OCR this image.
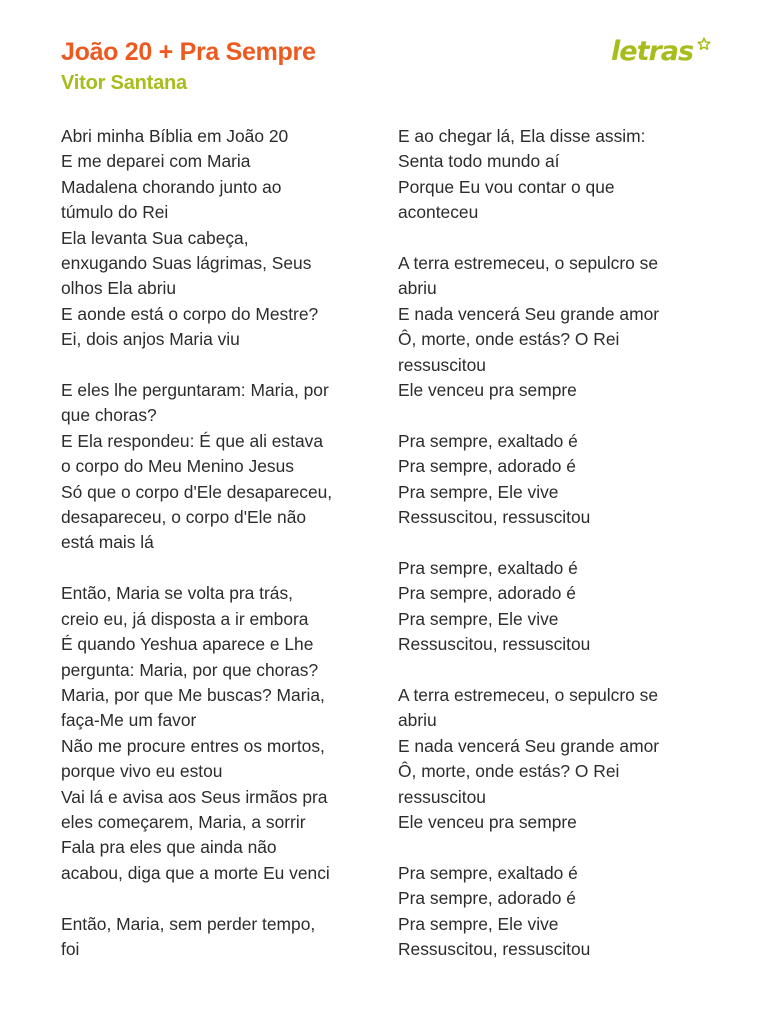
João 20 + Pra Sempre
Vitor Santana
letras
Abri minha Bíblia em João 20
E me deparei com Maria
Madalena chorando junto ao
túmulo do Rei
Ela levanta Sua cabeça,
enxugando Suas lágrimas, Seus
olhos Ela abriu
E aonde está o corpo do Mestre?
Ei, dois anjos Maria viu
E eles lhe perguntaram: Maria, por
que choras?
E Ela respondeu: É que ali estava
o corpo do Meu Menino Jesus
Só que o corpo d'Ele desapareceu,
desapareceu, o corpo d'Ele não
está mais lá
Então, Maria se volta pra trás,
creio eu, já disposta a ir embora
É quando Yeshua aparece e Lhe
pergunta: Maria, por que choras?
Maria, por que Me buscas? Maria,
faça-Me um favor
Não me procure entres os mortos,
porque vivo eu estou
Vai lá e avisa aos Seus irmãos pra
eles começarem, Maria, a sorrir
Fala pra eles que ainda não
acabou, diga que a morte Eu venci
Então, Maria, sem perder tempo,
foi
E ao chegar lá, Ela disse assim:
Senta todo mundo aí
Porque Eu vou contar o que
aconteceu
A terra estremeceu, o sepulcro se
abriu
E nada vencerá Seu grande amor
Ô, morte, onde estás? O Rei
ressuscitou
Ele venceu pra sempre
Pra sempre, exaltado é
Pra sempre, adorado é
Pra sempre, Ele vive
Ressuscitou, ressuscitou
Pra sempre, exaltado é
Pra sempre, adorado é
Pra sempre, Ele vive
Ressuscitou, ressuscitou
A terra estremeceu, o sepulcro se
abriu
E nada vencerá Seu grande amor
Ô, morte, onde estás? O Rei
ressuscitou
Ele venceu pra sempre
Pra sempre, exaltado é
Pra sempre, adorado é
Pra sempre, Ele vive
Ressuscitou, ressuscitou
